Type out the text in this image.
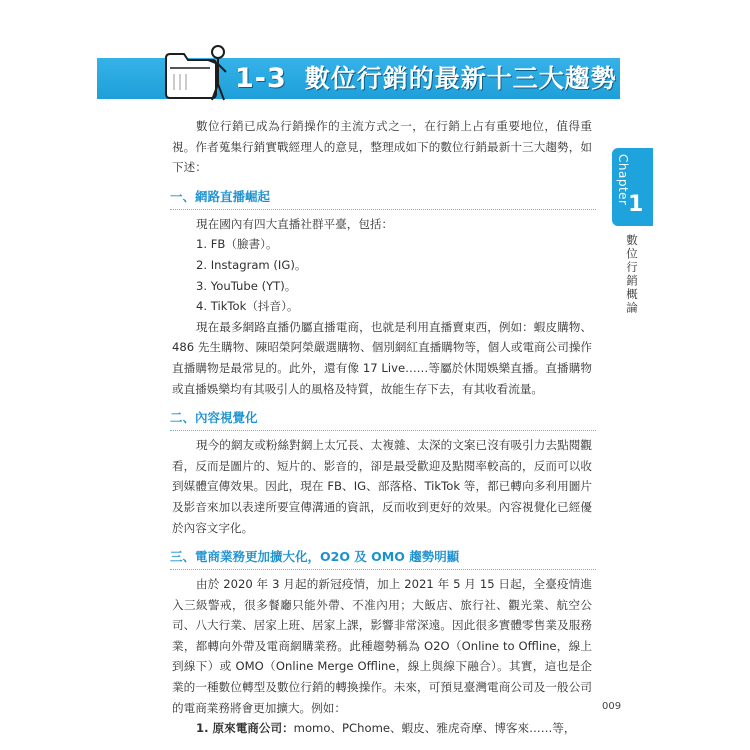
1-3 數位行銷的最新十三大趨勢
Chapter
1
數位行銷概論

數位行銷已成為行銷操作的主流方式之一，在行銷上占有重要地位，值得重視。作者蒐集行銷實戰經理人的意見，整理成如下的數位行銷最新十三大趨勢，如下述：

一、網路直播崛起

現在國內有四大直播社群平臺，包括：

1. FB（臉書）。
2. Instagram (IG)。
3. YouTube (YT)。
4. TikTok（抖音）。

現在最多網路直播仍屬直播電商，也就是利用直播賣東西，例如：蝦皮購物、486 先生購物、陳昭榮阿榮嚴選購物、個別網紅直播購物等，個人或電商公司操作直播購物是最常見的。此外，還有像 17 Live……等屬於休閒娛樂直播。直播購物或直播娛樂均有其吸引人的風格及特質，故能生存下去，有其收看流量。

二、內容視覺化

現今的網友或粉絲對網上太冗長、太複雜、太深的文案已沒有吸引力去點閱觀看，反而是圖片的、短片的、影音的，卻是最受歡迎及點閱率較高的，反而可以收到媒體宣傳效果。因此，現在 FB、IG、部落格、TikTok 等，都已轉向多利用圖片及影音來加以表達所要宣傳溝通的資訊，反而收到更好的效果。內容視覺化已經優於內容文字化。

三、電商業務更加擴大化，O2O 及 OMO 趨勢明顯

由於 2020 年 3 月起的新冠疫情，加上 2021 年 5 月 15 日起，全臺疫情進入三級警戒，很多餐廳只能外帶、不准內用；大飯店、旅行社、觀光業、航空公司、八大行業、居家上班、居家上課，影響非常深遠。因此很多實體零售業及服務業，都轉向外帶及電商網購業務。此種趨勢稱為 O2O（Online to Offline，線上到線下）或 OMO（Online Merge Offline，線上與線下融合）。其實，這也是企業的一種數位轉型及數位行銷的轉換操作。未來，可預見臺灣電商公司及一般公司的電商業務將會更加擴大。例如：

1. 原來電商公司：momo、PChome、蝦皮、雅虎奇摩、博客來……等，
009
